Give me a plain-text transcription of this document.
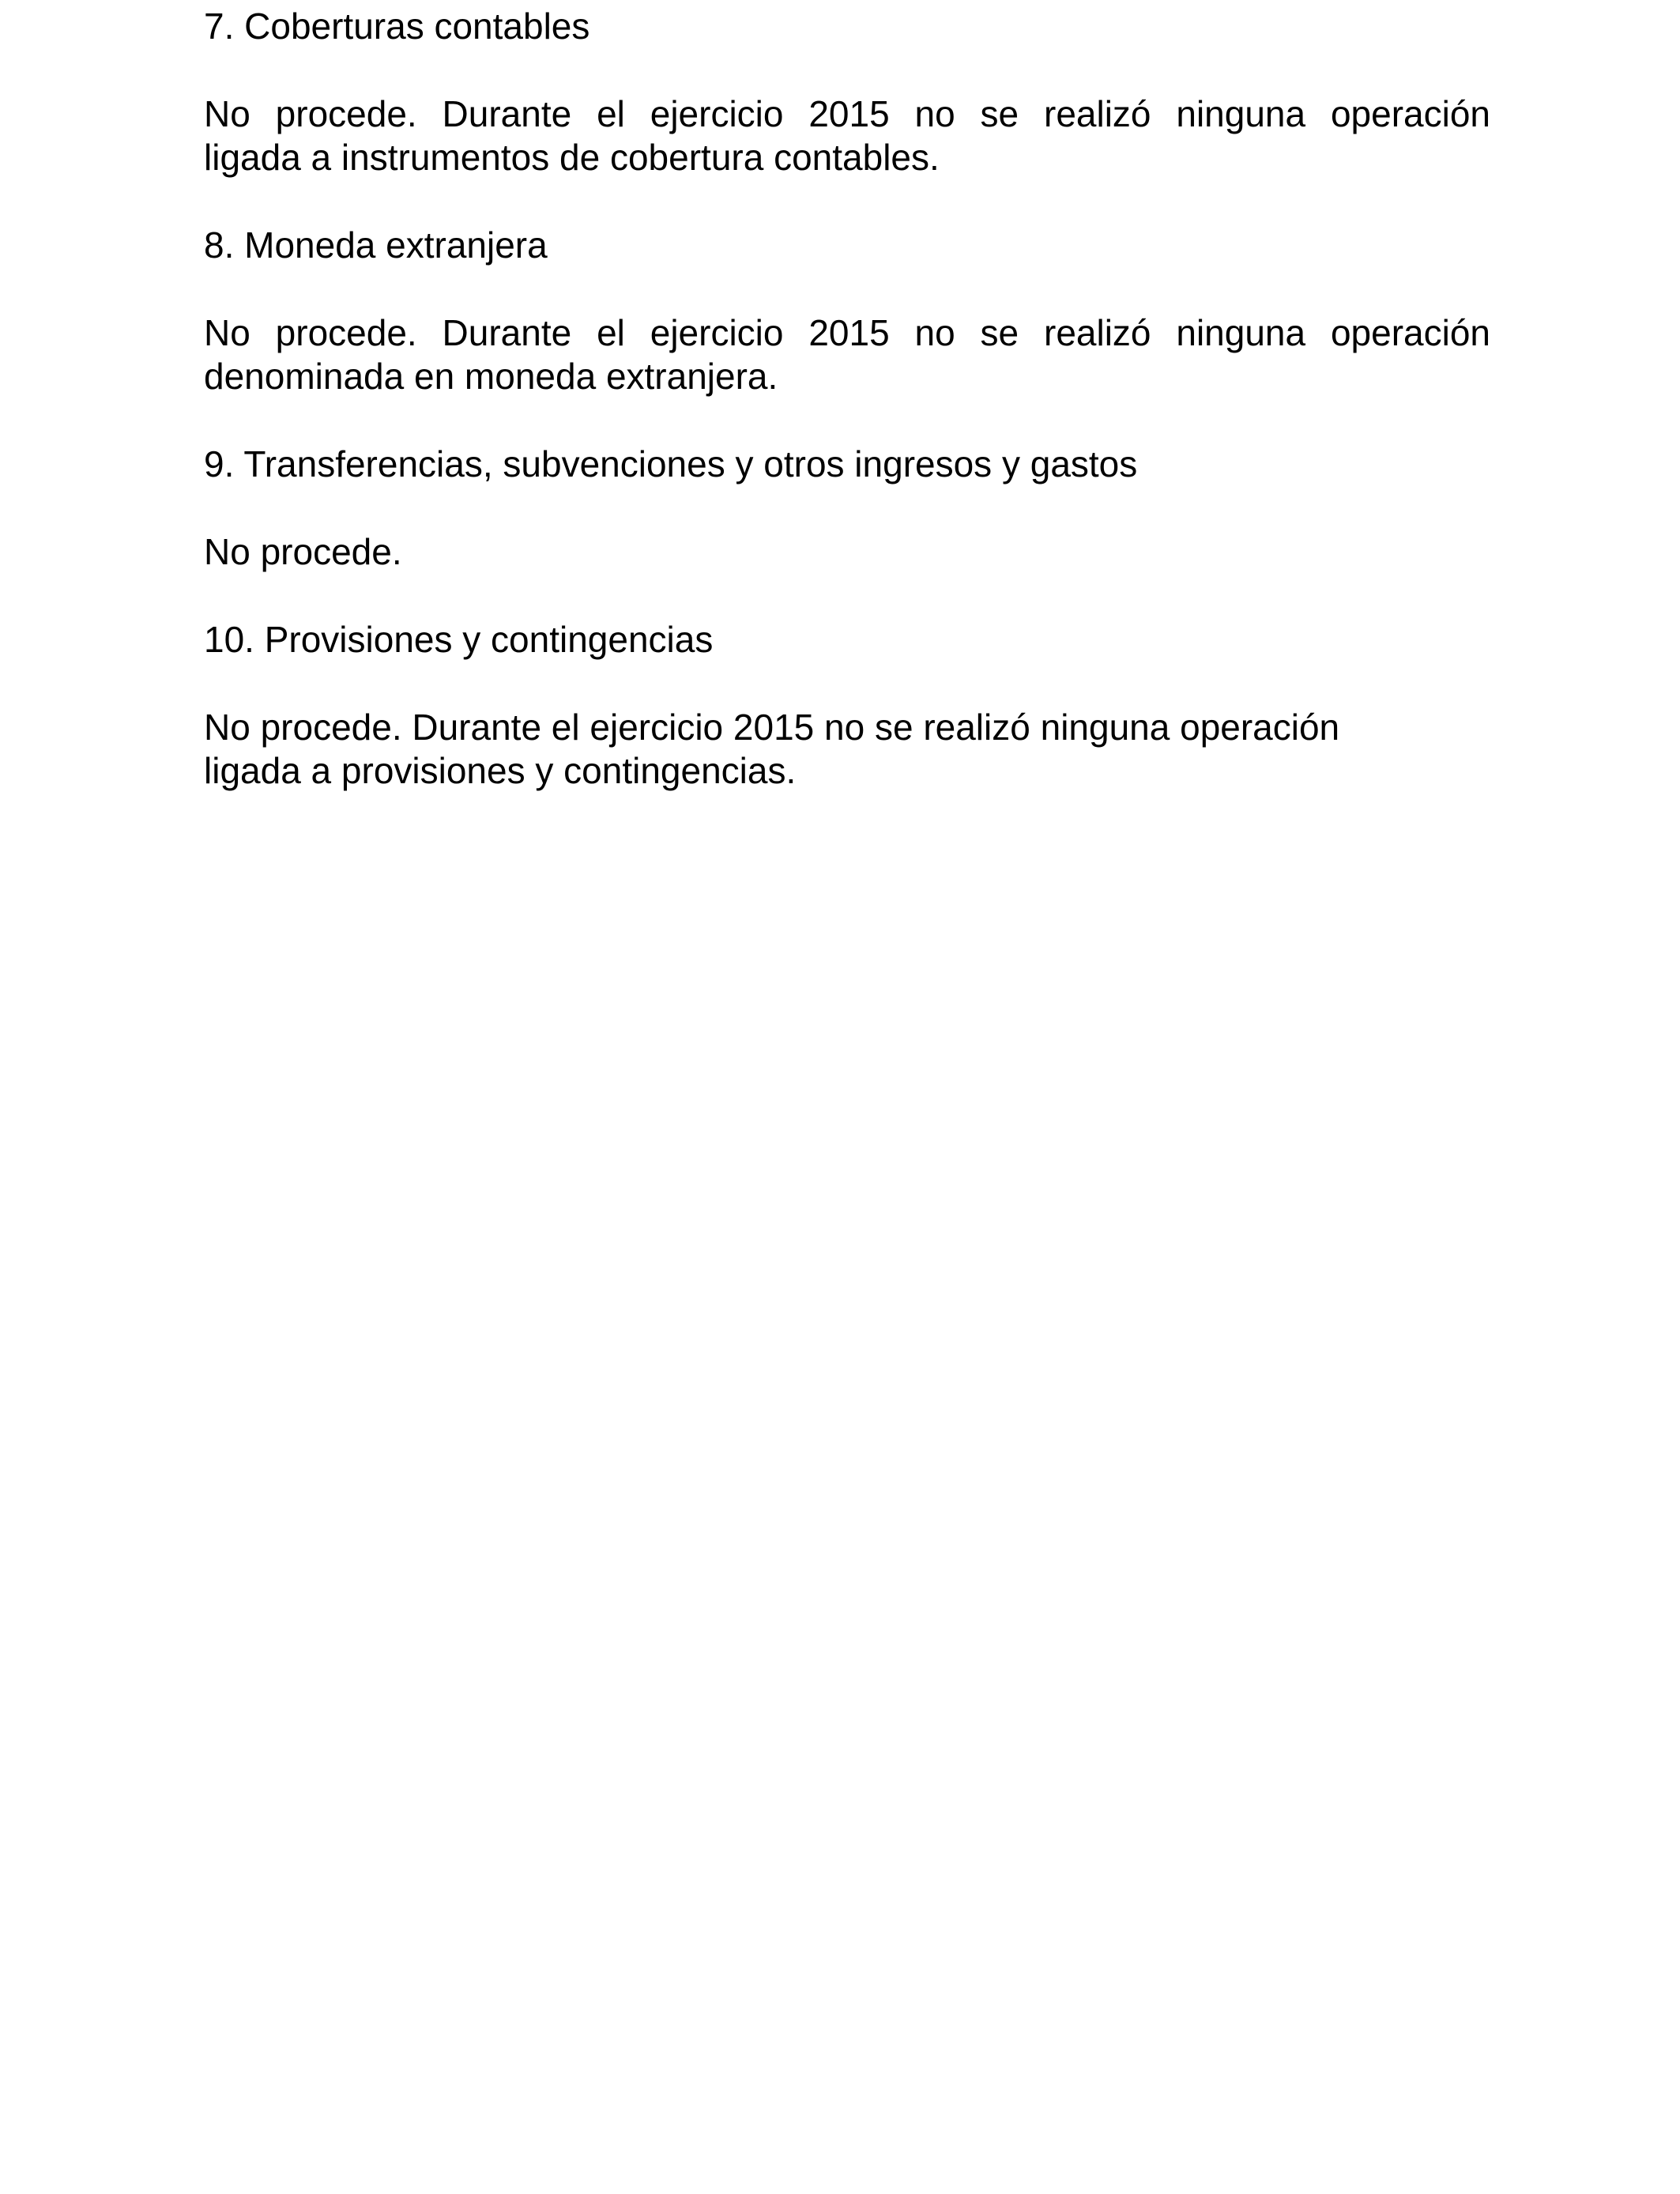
7. Coberturas contables

No procede. Durante el ejercicio 2015 no se realizó ninguna operación
ligada a instrumentos de cobertura contables.

8. Moneda extranjera

No procede. Durante el ejercicio 2015 no se realizó ninguna operación
denominada en moneda extranjera.

9. Transferencias, subvenciones y otros ingresos y gastos

No procede.

10. Provisiones y contingencias

No procede. Durante el ejercicio 2015 no se realizó ninguna operación
ligada a provisiones y contingencias.
